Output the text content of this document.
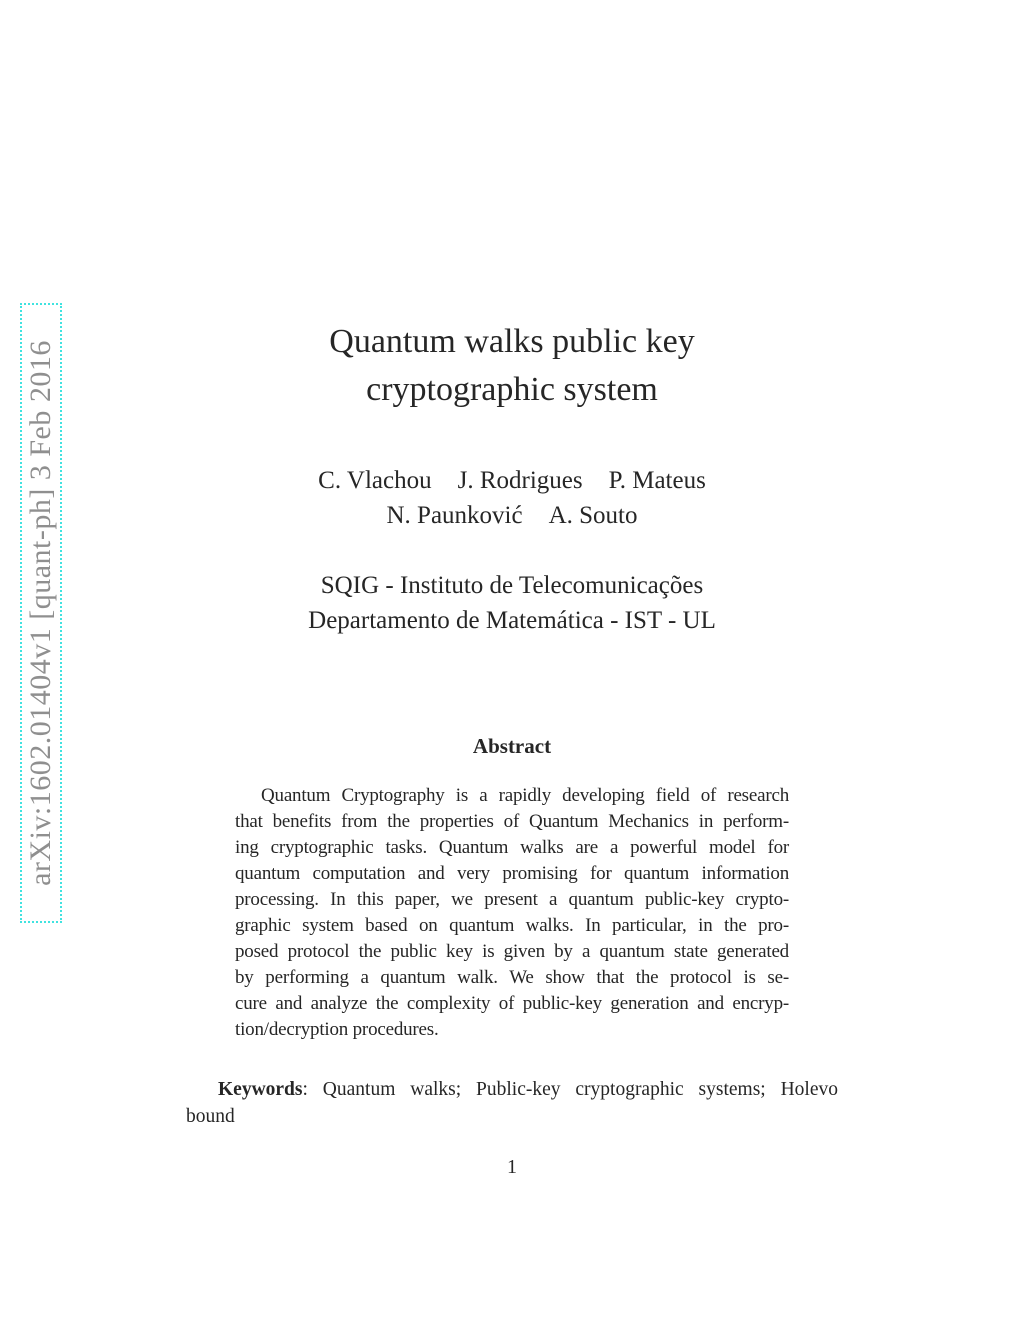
arXiv:1602.01404v1 [quant-ph] 3 Feb 2016	Quantum walks public key
cryptographic system
C. Vlachou J. Rodrigues P. Mateus
N. Paunković A. Souto
SQIG - Instituto de Telecomunicações
Departamento de Matemática - IST - UL
Abstract
Quantum Cryptography is a rapidly developing field of research
that benefits from the properties of Quantum Mechanics in perform-
ing cryptographic tasks. Quantum walks are a powerful model for
quantum computation and very promising for quantum information
processing. In this paper, we present a quantum public-key crypto-
graphic system based on quantum walks. In particular, in the pro-
posed protocol the public key is given by a quantum state generated
by performing a quantum walk. We show that the protocol is se-
cure and analyze the complexity of public-key generation and encryp-
tion/decryption procedures.
Keywords: Quantum walks; Public-key cryptographic systems; Holevo
bound
1
